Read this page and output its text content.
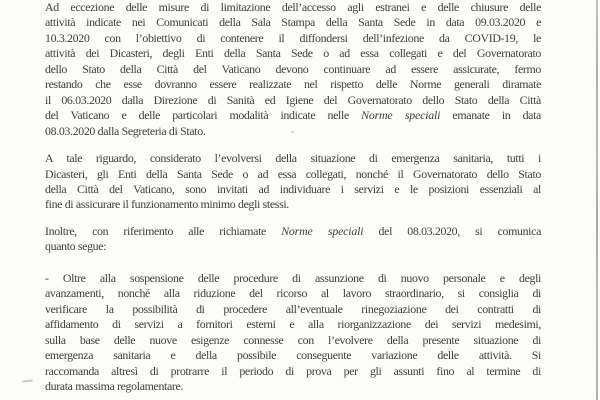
Ad eccezione delle misure di limitazione dell’accesso agli estranei e delle chiusure delle
attività indicate nei Comunicati della Sala Stampa della Santa Sede in data 09.03.2020 e
10.3.2020 con l’obiettivo di contenere il diffondersi dell’infezione da COVID-19, le
attività dei Dicasteri, degli Enti della Santa Sede o ad essa collegati e del Governatorato
dello Stato della Città del Vaticano devono continuare ad essere assicurate, fermo
restando che esse dovranno essere realizzate nel rispetto delle Norme generali diramate
il 06.03.2020 dalla Direzione di Sanità ed Igiene del Governatorato dello Stato della Città
del Vaticano e delle particolari modalità indicate nelle Norme speciali emanate in data
08.03.2020 dalla Segreteria di Stato.
A tale riguardo, considerato l’evolversi della situazione di emergenza sanitaria, tutti i
Dicasteri, gli Enti della Santa Sede o ad essa collegati, nonché il Governatorato dello Stato
della Città del Vaticano, sono invitati ad individuare i servizi e le posizioni essenziali al
fine di assicurare il funzionamento minimo degli stessi.
Inoltre, con riferimento alle richiamate Norme speciali del 08.03.2020, si comunica
quanto segue:
- Oltre alla sospensione delle procedure di assunzione di nuovo personale e degli
avanzamenti, nonché alla riduzione del ricorso al lavoro straordinario, si consiglia di
verificare la possibilità di procedere all’eventuale rinegoziazione dei contratti di
affidamento di servizi a fornitori esterni e alla riorganizzazione dei servizi medesimi,
sulla base delle nuove esigenze connesse con l’evolvere della presente situazione di
emergenza sanitaria e della possibile conseguente variazione delle attività. Si
raccomanda altresì di protrarre il periodo di prova per gli assunti fino al termine di
durata massima regolamentare.
